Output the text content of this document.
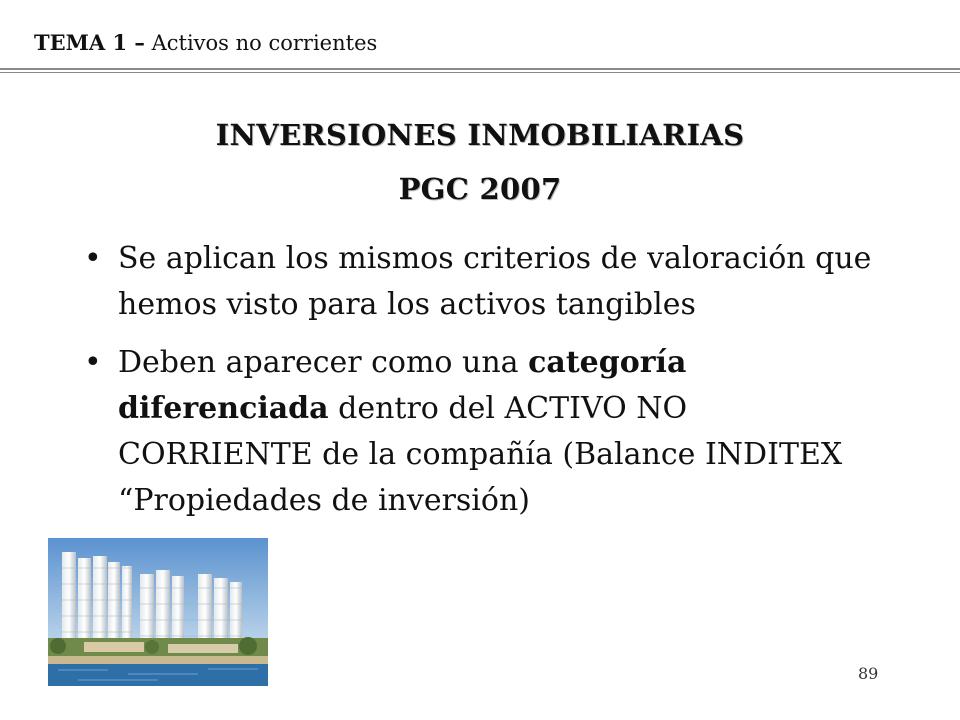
TEMA 1 – Activos no corrientes
INVERSIONES INMOBILIARIAS
PGC 2007
• Se aplican los mismos criterios de valoración que hemos visto para los activos tangibles
• Deben aparecer como una categoría diferenciada dentro del ACTIVO NO CORRIENTE de la compañía (Balance INDITEX “Propiedades de inversión)
89
